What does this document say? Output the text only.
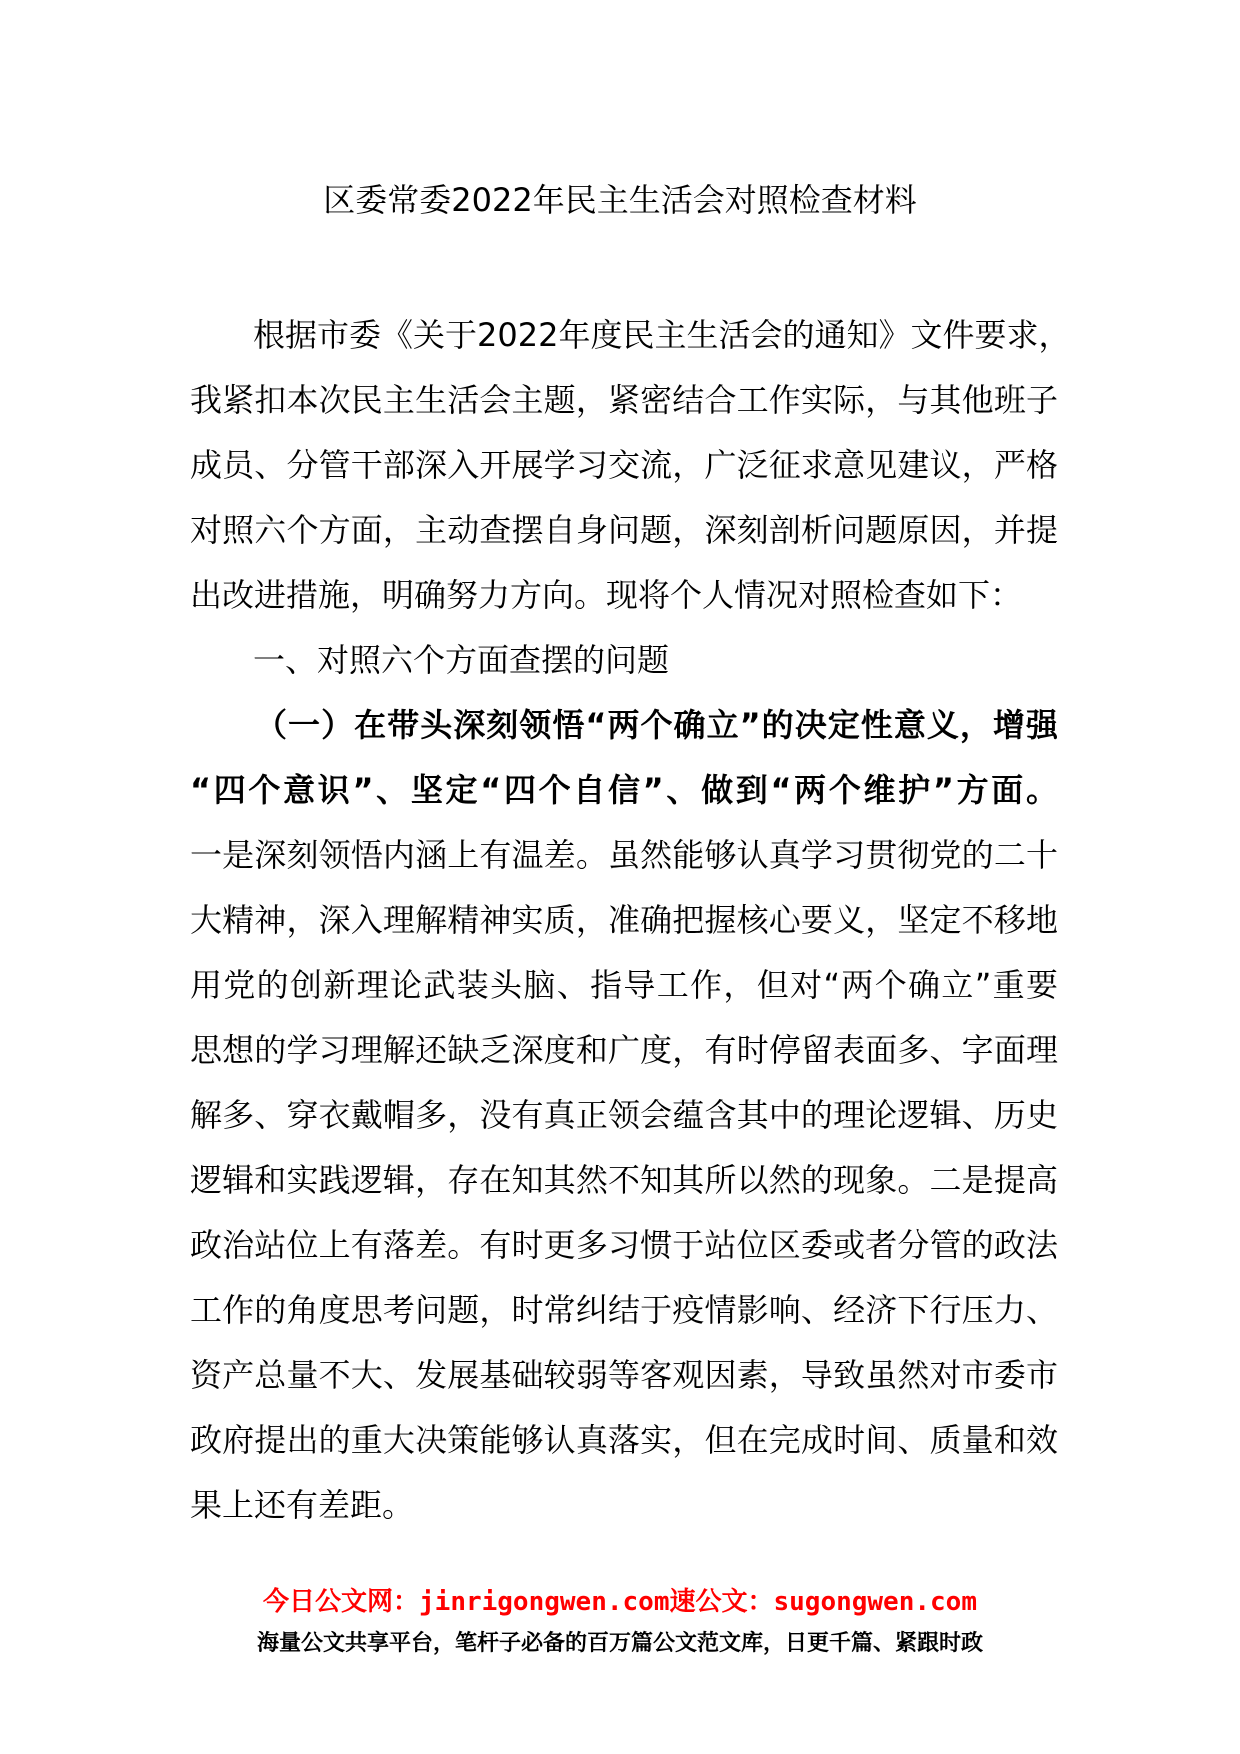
区委常委2022年民主生活会对照检查材料
根据市委《关于2022年度民主生活会的通知》文件要求，
我紧扣本次民主生活会主题，紧密结合工作实际，与其他班子
成员、分管干部深入开展学习交流，广泛征求意见建议，严格
对照六个方面，主动查摆自身问题，深刻剖析问题原因，并提
出改进措施，明确努力方向。现将个人情况对照检查如下：
一、对照六个方面查摆的问题
（一）在带头深刻领悟“两个确立”的决定性意义，增强
“四个意识”、坚定“四个自信”、做到“两个维护”方面。
一是深刻领悟内涵上有温差。虽然能够认真学习贯彻党的二十
大精神，深入理解精神实质，准确把握核心要义，坚定不移地
用党的创新理论武装头脑、指导工作，但对“两个确立”重要
思想的学习理解还缺乏深度和广度，有时停留表面多、字面理
解多、穿衣戴帽多，没有真正领会蕴含其中的理论逻辑、历史
逻辑和实践逻辑，存在知其然不知其所以然的现象。二是提高
政治站位上有落差。有时更多习惯于站位区委或者分管的政法
工作的角度思考问题，时常纠结于疫情影响、经济下行压力、
资产总量不大、发展基础较弱等客观因素，导致虽然对市委市
政府提出的重大决策能够认真落实，但在完成时间、质量和效
果上还有差距。
今日公文网：jinrigongwen.com速公文：sugongwen.com
海量公文共享平台，笔杆子必备的百万篇公文范文库，日更千篇、紧跟时政
